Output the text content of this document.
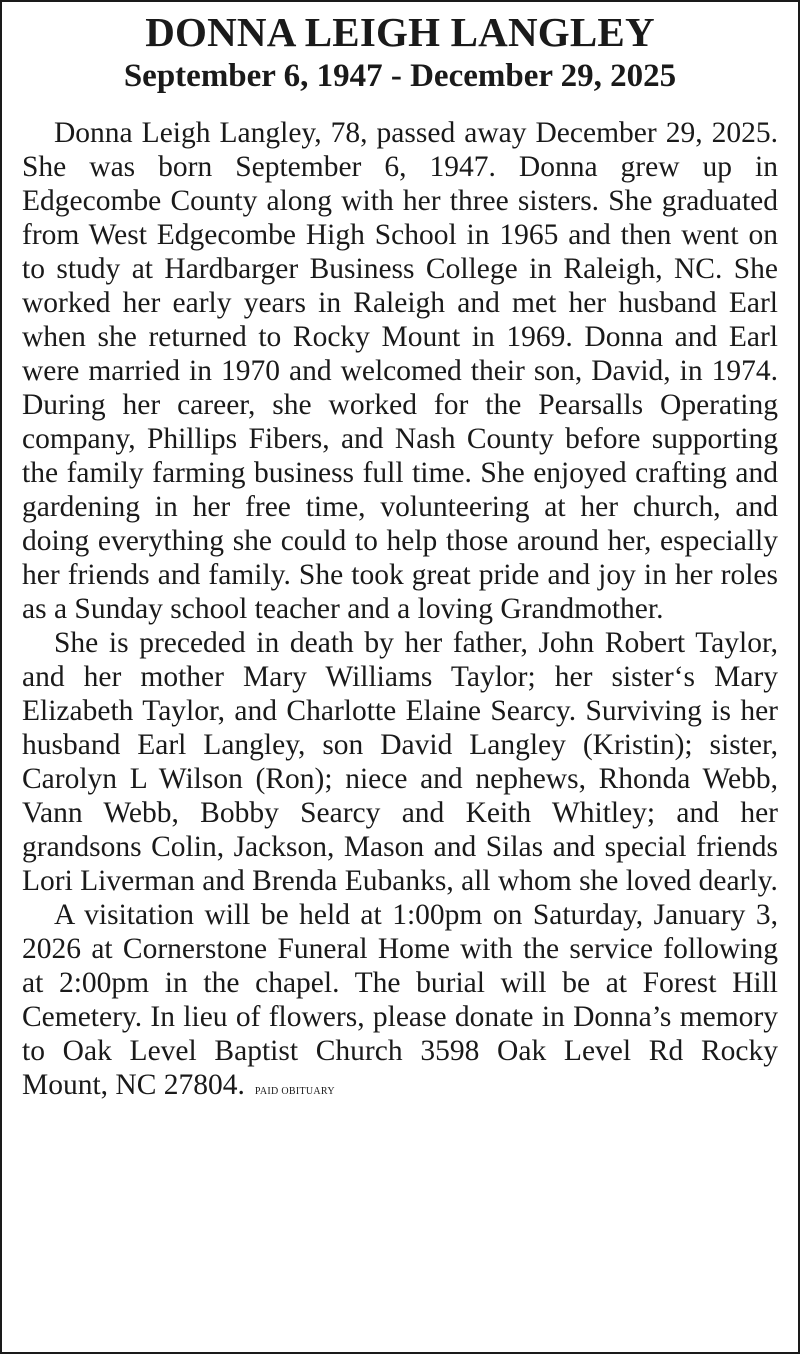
DONNA LEIGH LANGLEY
September 6, 1947 - December 29, 2025

Donna Leigh Langley, 78, passed away December 29, 2025. She was born September 6, 1947. Donna grew up in Edgecombe County along with her three sisters. She graduated from West Edgecombe High School in 1965 and then went on to study at Hardbarger Business College in Raleigh, NC. She worked her early years in Raleigh and met her husband Earl when she returned to Rocky Mount in 1969. Donna and Earl were married in 1970 and welcomed their son, David, in 1974. During her career, she worked for the Pearsalls Operating company, Phillips Fibers, and Nash County before supporting the family farming business full time. She enjoyed crafting and gardening in her free time, volunteering at her church, and doing everything she could to help those around her, especially her friends and family. She took great pride and joy in her roles as a Sunday school teacher and a loving Grandmother.

She is preceded in death by her father, John Robert Taylor, and her mother Mary Williams Taylor; her sister‘s Mary Elizabeth Taylor, and Charlotte Elaine Searcy. Surviving is her husband Earl Langley, son David Langley (Kristin); sister, Carolyn L Wilson (Ron); niece and nephews, Rhonda Webb, Vann Webb, Bobby Searcy and Keith Whitley; and her grandsons Colin, Jackson, Mason and Silas and special friends Lori Liverman and Brenda Eubanks, all whom she loved dearly.

A visitation will be held at 1:00pm on Saturday, January 3, 2026 at Cornerstone Funeral Home with the service following at 2:00pm in the chapel. The burial will be at Forest Hill Cemetery. In lieu of flowers, please donate in Donna’s memory to Oak Level Baptist Church 3598 Oak Level Rd Rocky Mount, NC 27804. PAID OBITUARY
